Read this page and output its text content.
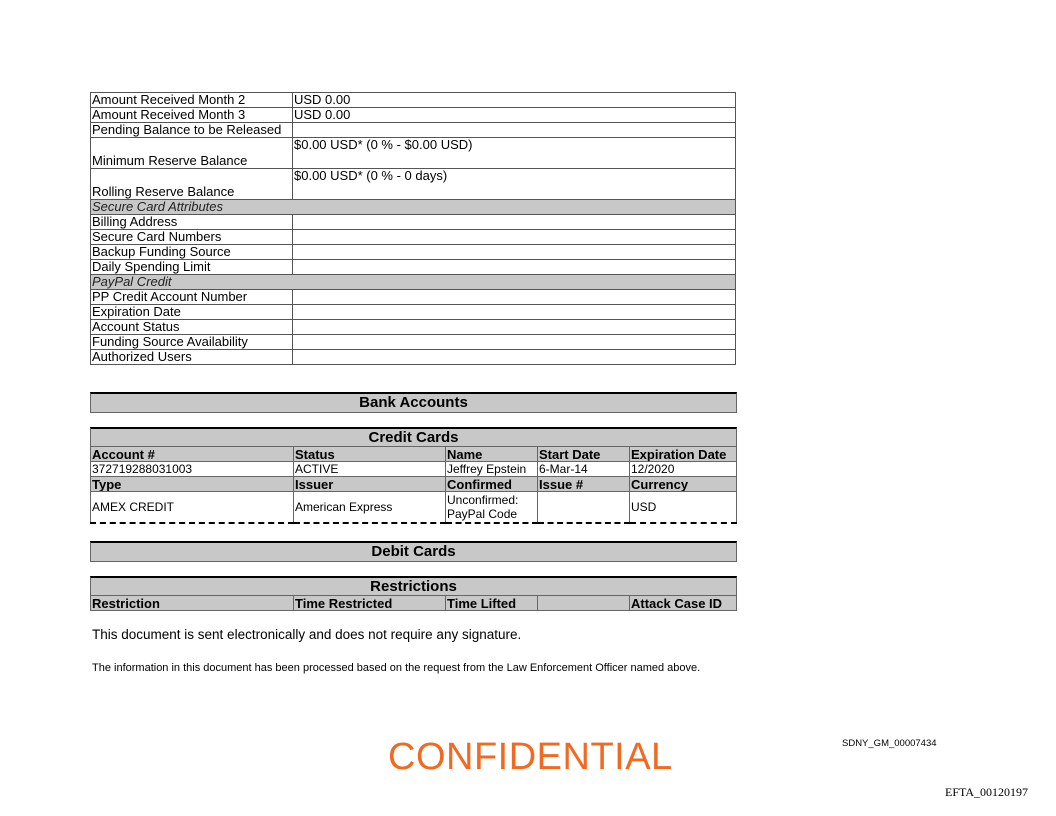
Amount Received Month 2	USD 0.00
Amount Received Month 3	USD 0.00
Pending Balance to be Released	
Minimum Reserve Balance	$0.00 USD* (0 % - $0.00 USD)
Rolling Reserve Balance	$0.00 USD* (0 % - 0 days)
Secure Card Attributes	
Billing Address	
Secure Card Numbers	
Backup Funding Source	
Daily Spending Limit	
PayPal Credit	
PP Credit Account Number	
Expiration Date	
Account Status	
Funding Source Availability	
Authorized Users	
Bank Accounts
Credit Cards
Account #	Status	Name	Start Date	Expiration Date
372719288031003	ACTIVE	Jeffrey Epstein	6-Mar-14	12/2020
Type	Issuer	Confirmed	Issue #	Currency
AMEX CREDIT	American Express	Unconfirmed: PayPal Code		USD
Debit Cards
Restrictions
Restriction	Time Restricted	Time Lifted		Attack Case ID
This document is sent electronically and does not require any signature.
The information in this document has been processed based on the request from the Law Enforcement Officer named above.
CONFIDENTIAL	SDNY_GM_00007434
EFTA_00120197
